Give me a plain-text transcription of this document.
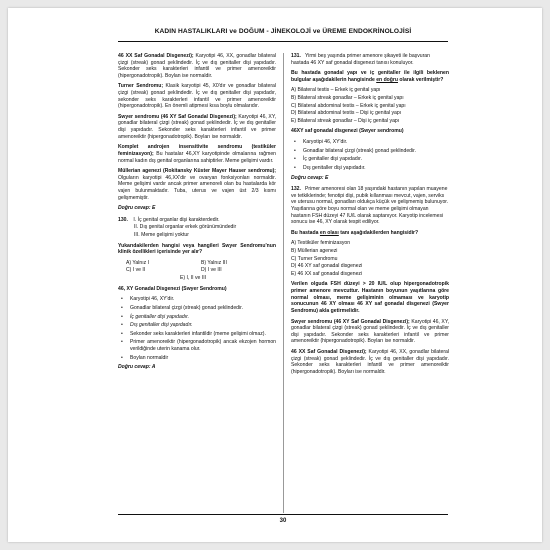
KADIN HASTALIKLARI ve DOĞUM - JİNEKOLOJİ ve ÜREME ENDOKRİNOLOJİSİ

46 XX Saf Gonadal Disgenezi); Karyotipi 46, XX, gonadlar bilateral çizgi (streak) gonad şeklindedir. İç ve dış genitaller dişi yapıdadır. Sekonder seks karakterleri infantil ve primer amenoreiktir (hipergonadotropik). Boylan ise normaldir.

Turner Sendromu; Klasik karyotipi 45, X0'dır ve gonadlar bilateral çizgi (streak) gonad şeklindedir. İç ve dış genitaller dişi yapıdadır, sekonder seks karakterleri infantil ve primer amenoreiktir (hipergonadotropik). En önemli atipmesi kısa boylu olmalarıdır.

Swyer sendromu (46 XY Saf Gonadal Disgenezi); Karyotipi 46, XY, gonadlar bilateral çizgi (streak) gonad şeklindedir. İç ve dış genitaller dişi yapıdadır. Sekonder seks karakterleri infantil ve primer amenoreiktir (hipergonadotropik). Boyları ise normaldir.

Komplet androjen insensitivite sendromu (testiküler feminizasyon); Bu hastalar 46,XY karyotipinde olmalarına rağmen normal kadın dış genital organlarına sahiptirler. Meme gelişimi vardır.

Müllerian agenezi (Rokitansky Küster Mayer Hauser sendromu); Olguların karyotipi 46,XX'dir ve ovaryan fonksiyonları normaldir. Meme gelişimi vardır ancak primer amenoreli olan bu hastalarda kör vajen bulunmaktadır. Tuba, uterus ve vajen üst 2/3 kısmı gelişmemiştir.

Doğru cevap: E
130. I. İç genital organlar dişi karakterdedir.
II. Dış genital organlar erkek görünümündedir
III. Meme gelişimi yoktur

Yukarıdakilerden hangisi veya hangileri Swyer Sendromu'nun klinik özellikleri içerisinde yer alır?

A) Yalnız I	B) Yalnız III
C) I ve II	D) I ve III
E) I, II ve III

46, XY Gonadal Disgenezi (Swyer Sendromu)

• Karyotipi 46, XY'dir.
• Gonadlar bilateral çizgi (streak) gonad şeklindedir.
• İç genitaller dişi yapıdadır.
• Dış genitaller dişi yapıdadır.
• Sekonder seks karakterleri infantildir (meme gelişimi olmaz).
• Primer amenoreiktir (hipergonadotropik) ancak ekzojen hormon verildiğinde uterin kanama olur.
• Boylan normaldir
Doğru cevap: A
131. Yirmi beş yaşında primer amenore şikayeti ile başvuran hastada 46 XY saf gonadal disgenezi tanısı konuluyor.

Bu hastada gonadal yapı ve iç genitaller ile ilgili beklenen bulgular aşağıdakilerin hangisinde en doğru olarak verilmiştir?

A) Bilateral testis – Erkek iç genital yapı
B) Bilateral streak gonadlar – Erkek iç genital yapı
C) Bilateral abdominal testis – Erkek iç genital yapı
D) Bilateral abdominal testis – Dişi iç genital yapı
E) Bilateral streak gonadlar – Dişi iç genital yapı

46XY saf gonadal disgenezi (Swyer sendromu)

• Karyotipi 46, XY'dir.
• Gonadlar bilateral çizgi (streak) gonad şeklindedir.
• İç genitaller dişi yapıdadır.
• Dış genitaller dişi yapıdadır.
Doğru cevap: E
132. Primer amenoresi olan 18 yaşındaki hastanın yapılan muayene ve tetkiklerinde; fenotipi dişi, pubik kıllanması mevcut, vajen, serviks ve uterusu normal, gonadları oldukça küçük ve gelişmemiş bulunuyor. Yaşıtlarına göre boyu normal olan ve meme gelişimi olmayan hastanın FSH düzeyi 47 IU/L olarak saptanıyor. Karyotip incelemesi sonucu ise 46, XY olarak tespit ediliyor.

Bu hastada en olası tanı aşağıdakilerden hangisidir?

A) Testiküler feminizasyon
B) Müllerian agenezi
C) Turner Sendromu
D) 46 XY saf gonadal disgenezi
E) 46 XX saf gonadal disgenezi

Verilen olguda FSH düzeyi > 20 IU/L olup hipergonadotropik primer amenore mevcuttur. Hastanın boyunun yaşıtlarına göre normal olması, meme gelişiminin olmaması ve karyotip sonucunun 46 XY olması 46 XY saf gonadal disgenezi (Swyer Sendromu) akla getirmelidir.

Swyer sendromu (46 XY Saf Gonadal Disgenezi); Karyotipi 46, XY, gonadlar bilateral çizgi (streak) gonad şeklindedir. İç ve dış genitaller dişi yapıdadır. Sekonder seks karakterleri infantil ve primer amenoreiktir (hipergonadotropik). Boyları ise normaldir.

46 XX Saf Gonadal Disgenezi); Karyotipi 46, XX, gonadlar bilateral çizgi (streak) gonad şeklindedir. İç ve dış genitaller dişi yapıdadır. Sekonder seks karakterleri infantil ve primer amenoreiktir (hipergonadotropik). Boyları ise normaldir.

30
